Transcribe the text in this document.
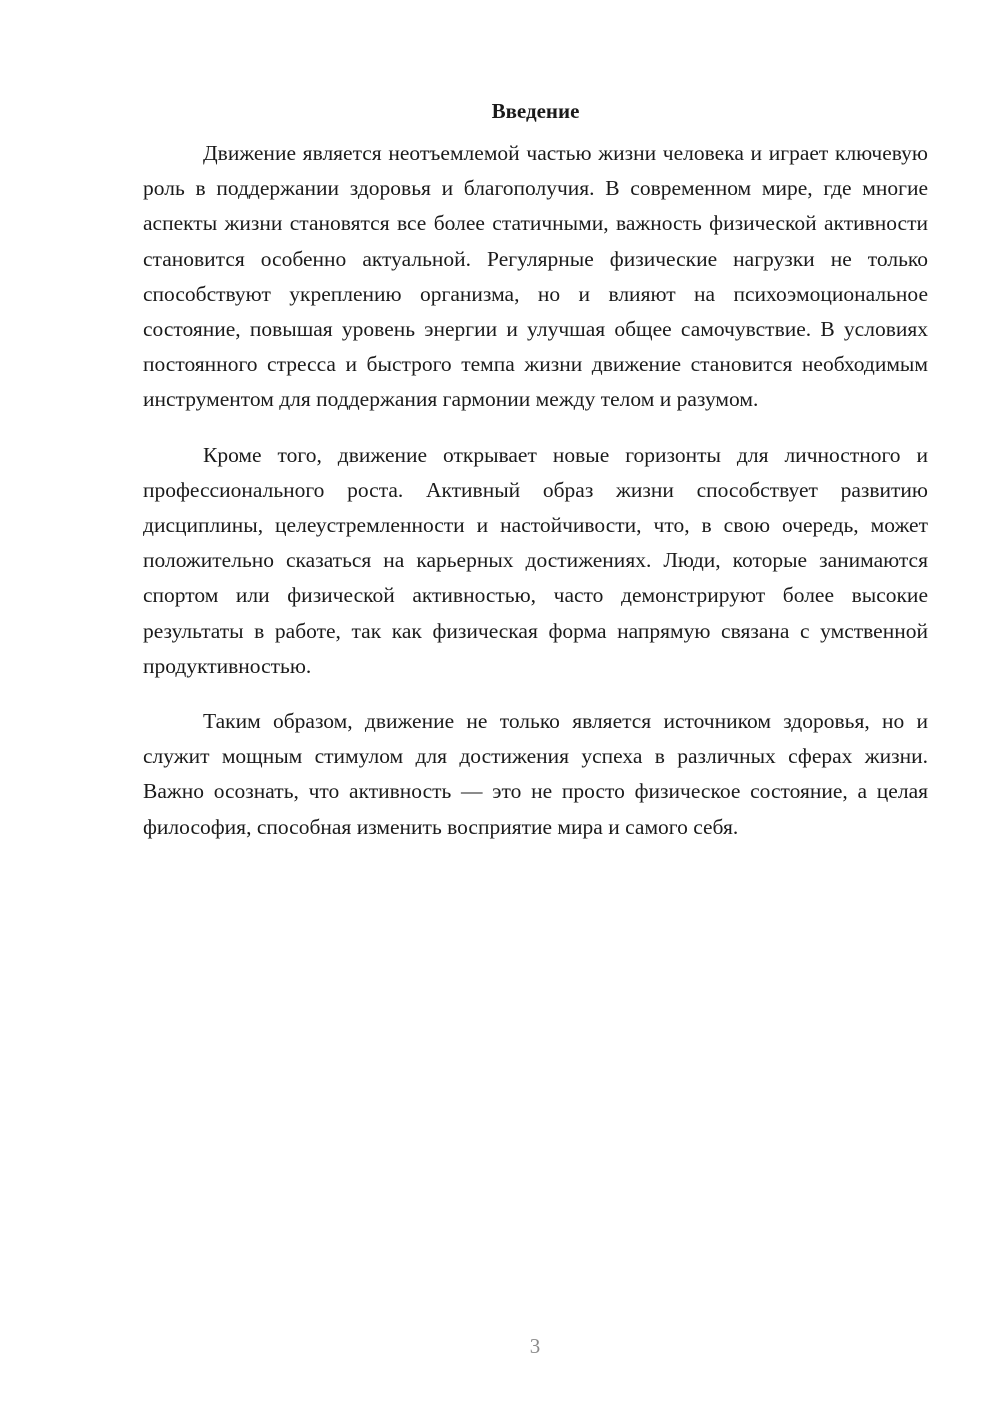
Введение

Движение является неотъемлемой частью жизни человека и играет ключевую роль в поддержании здоровья и благополучия. В современном мире, где многие аспекты жизни становятся все более статичными, важность физической активности становится особенно актуальной. Регулярные физические нагрузки не только способствуют укреплению организма, но и влияют на психоэмоциональное состояние, повышая уровень энергии и улучшая общее самочувствие. В условиях постоянного стресса и быстрого темпа жизни движение становится необходимым инструментом для поддержания гармонии между телом и разумом.

Кроме того, движение открывает новые горизонты для личностного и профессионального роста. Активный образ жизни способствует развитию дисциплины, целеустремленности и настойчивости, что, в свою очередь, может положительно сказаться на карьерных достижениях. Люди, которые занимаются спортом или физической активностью, часто демонстрируют более высокие результаты в работе, так как физическая форма напрямую связана с умственной продуктивностью.

Таким образом, движение не только является источником здоровья, но и служит мощным стимулом для достижения успеха в различных сферах жизни. Важно осознать, что активность — это не просто физическое состояние, а целая философия, способная изменить восприятие мира и самого себя.

3
